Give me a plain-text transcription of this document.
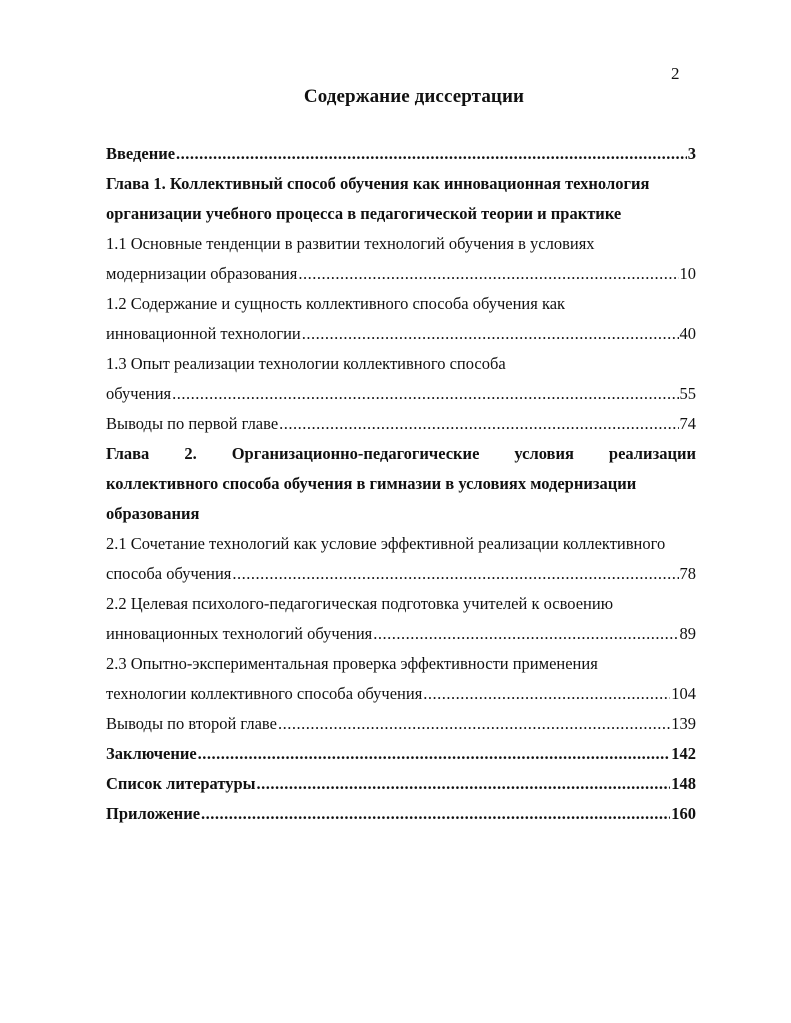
2
Содержание диссертации
Введение .....	3
Глава 1. Коллективный способ обучения как инновационная технология
организации учебного процесса в педагогической теории и практике
1.1 Основные тенденции в развитии технологий обучения в условиях
модернизации образования .....	10
1.2 Содержание и сущность коллективного способа обучения как
инновационной технологии .....	40
1.3 Опыт реализации технологии коллективного способа
обучения .....	55
Выводы по первой главе .....	74
Глава 2. Организационно-педагогические условия реализации
коллективного способа обучения в гимназии в условиях модернизации
образования
2.1 Сочетание технологий как условие эффективной реализации коллективного
способа обучения .....	78
2.2 Целевая психолого-педагогическая подготовка учителей к освоению
инновационных технологий обучения .....	89
2.3 Опытно-экспериментальная проверка эффективности применения
технологии коллективного способа обучения .....	104
Выводы по второй главе .....	139
Заключение .....	142
Список литературы .....	148
Приложение .....	160
